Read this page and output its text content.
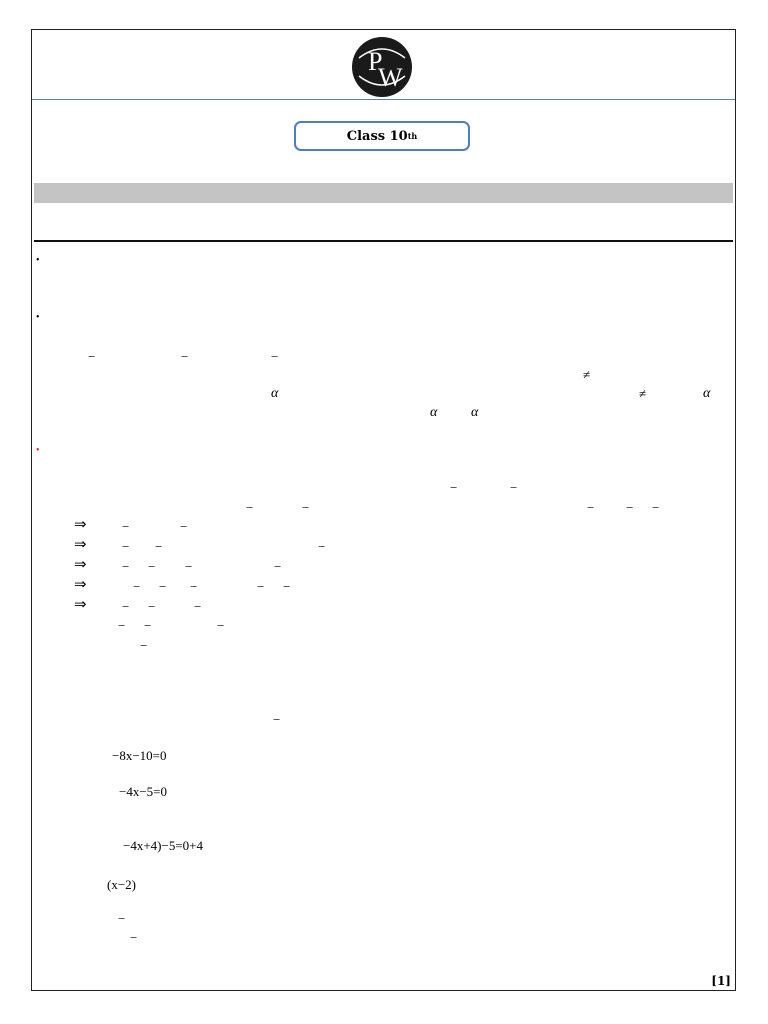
P
W
Class 10 th
•
•
•
−	−	−
≠
α	≠	α
α α
−	−
−	−	− − −
⇒	−	−
⇒	− −	−
⇒	− − −	−
⇒	− − −	− −
⇒	− −	−
− −	−
−
−
−8x−10=0
−4x−5=0
−4x+4)−5=0+4
(x−2)
−
−
[1]
